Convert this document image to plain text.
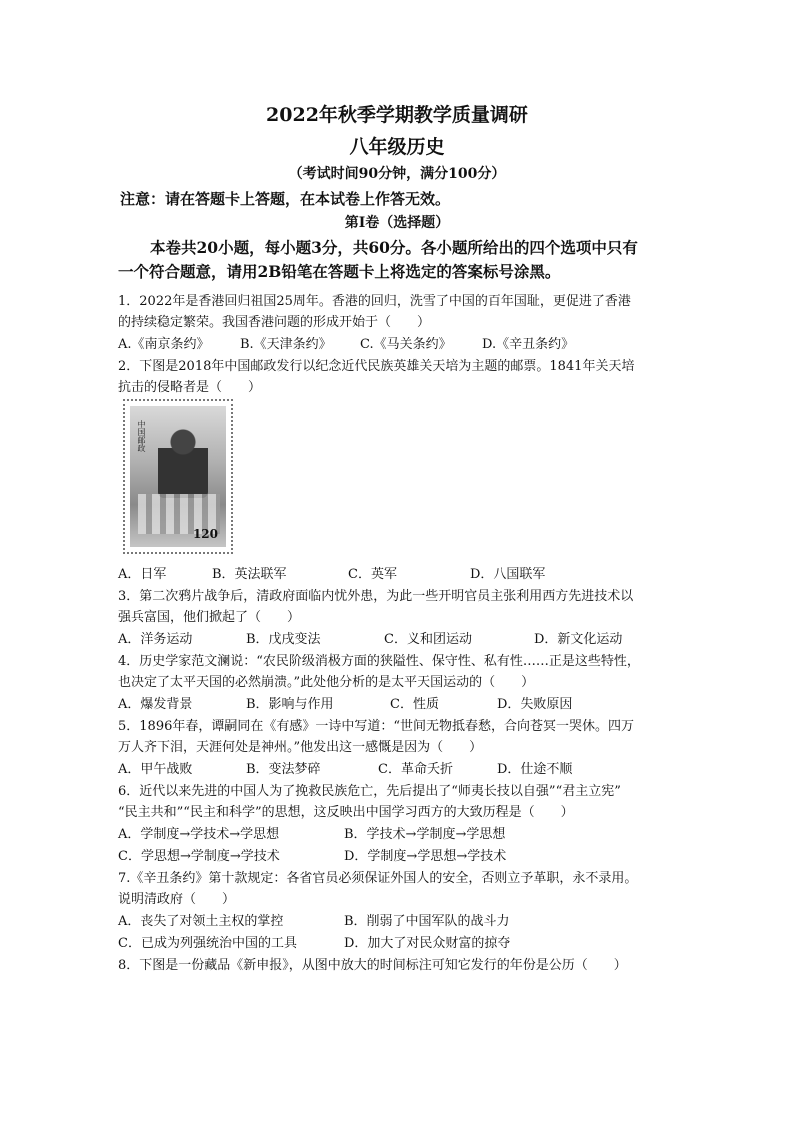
2022年秋季学期教学质量调研
八年级历史
（考试时间90分钟，满分100分）
注意：请在答题卡上答题，在本试卷上作答无效。
第Ⅰ卷（选择题）
本卷共20小题，每小题3分，共60分。各小题所给出的四个选项中只有
一个符合题意，请用2B铅笔在答题卡上将选定的答案标号涂黑。
1．2022年是香港回归祖国25周年。香港的回归，洗雪了中国的百年国耻，更促进了香港
的持续稳定繁荣。我国香港问题的形成开始于（　　）
A.《南京条约》 B.《天津条约》 C.《马关条约》 D.《辛丑条约》
2．下图是2018年中国邮政发行以纪念近代民族英雄关天培为主题的邮票。1841年关天培
抗击的侵略者是（　　）
中国邮政
120
A．日军	B．英法联军	C．英军	D．八国联军
3．第二次鸦片战争后，清政府面临内忧外患，为此一些开明官员主张利用西方先进技术以
强兵富国，他们掀起了（　　）
A．洋务运动	B．戊戌变法	C．义和团运动	D．新文化运动
4．历史学家范文澜说：“农民阶级消极方面的狭隘性、保守性、私有性……正是这些特性，
也决定了太平天国的必然崩溃。”此处他分析的是太平天国运动的（　　）
A．爆发背景	B．影响与作用	C．性质	D．失败原因
5．1896年春，谭嗣同在《有感》一诗中写道：“世间无物抵春愁，合向苍冥一哭休。四万
万人齐下泪，天涯何处是神州。”他发出这一感慨是因为（　　）
A．甲午战败	B．变法梦碎	C．革命夭折	D．仕途不顺
6．近代以来先进的中国人为了挽救民族危亡，先后提出了“师夷长技以自强”“君主立宪”
“民主共和”“民主和科学”的思想，这反映出中国学习西方的大致历程是（　　）
A．学制度→学技术→学思想	B．学技术→学制度→学思想
C．学思想→学制度→学技术	D．学制度→学思想→学技术
7.《辛丑条约》第十款规定：各省官员必须保证外国人的安全，否则立予革职，永不录用。
说明清政府（　　）
A．丧失了对领土主权的掌控	B．削弱了中国军队的战斗力
C．已成为列强统治中国的工具	D．加大了对民众财富的掠夺
8．下图是一份藏品《新申报》，从图中放大的时间标注可知它发行的年份是公历（　　）
